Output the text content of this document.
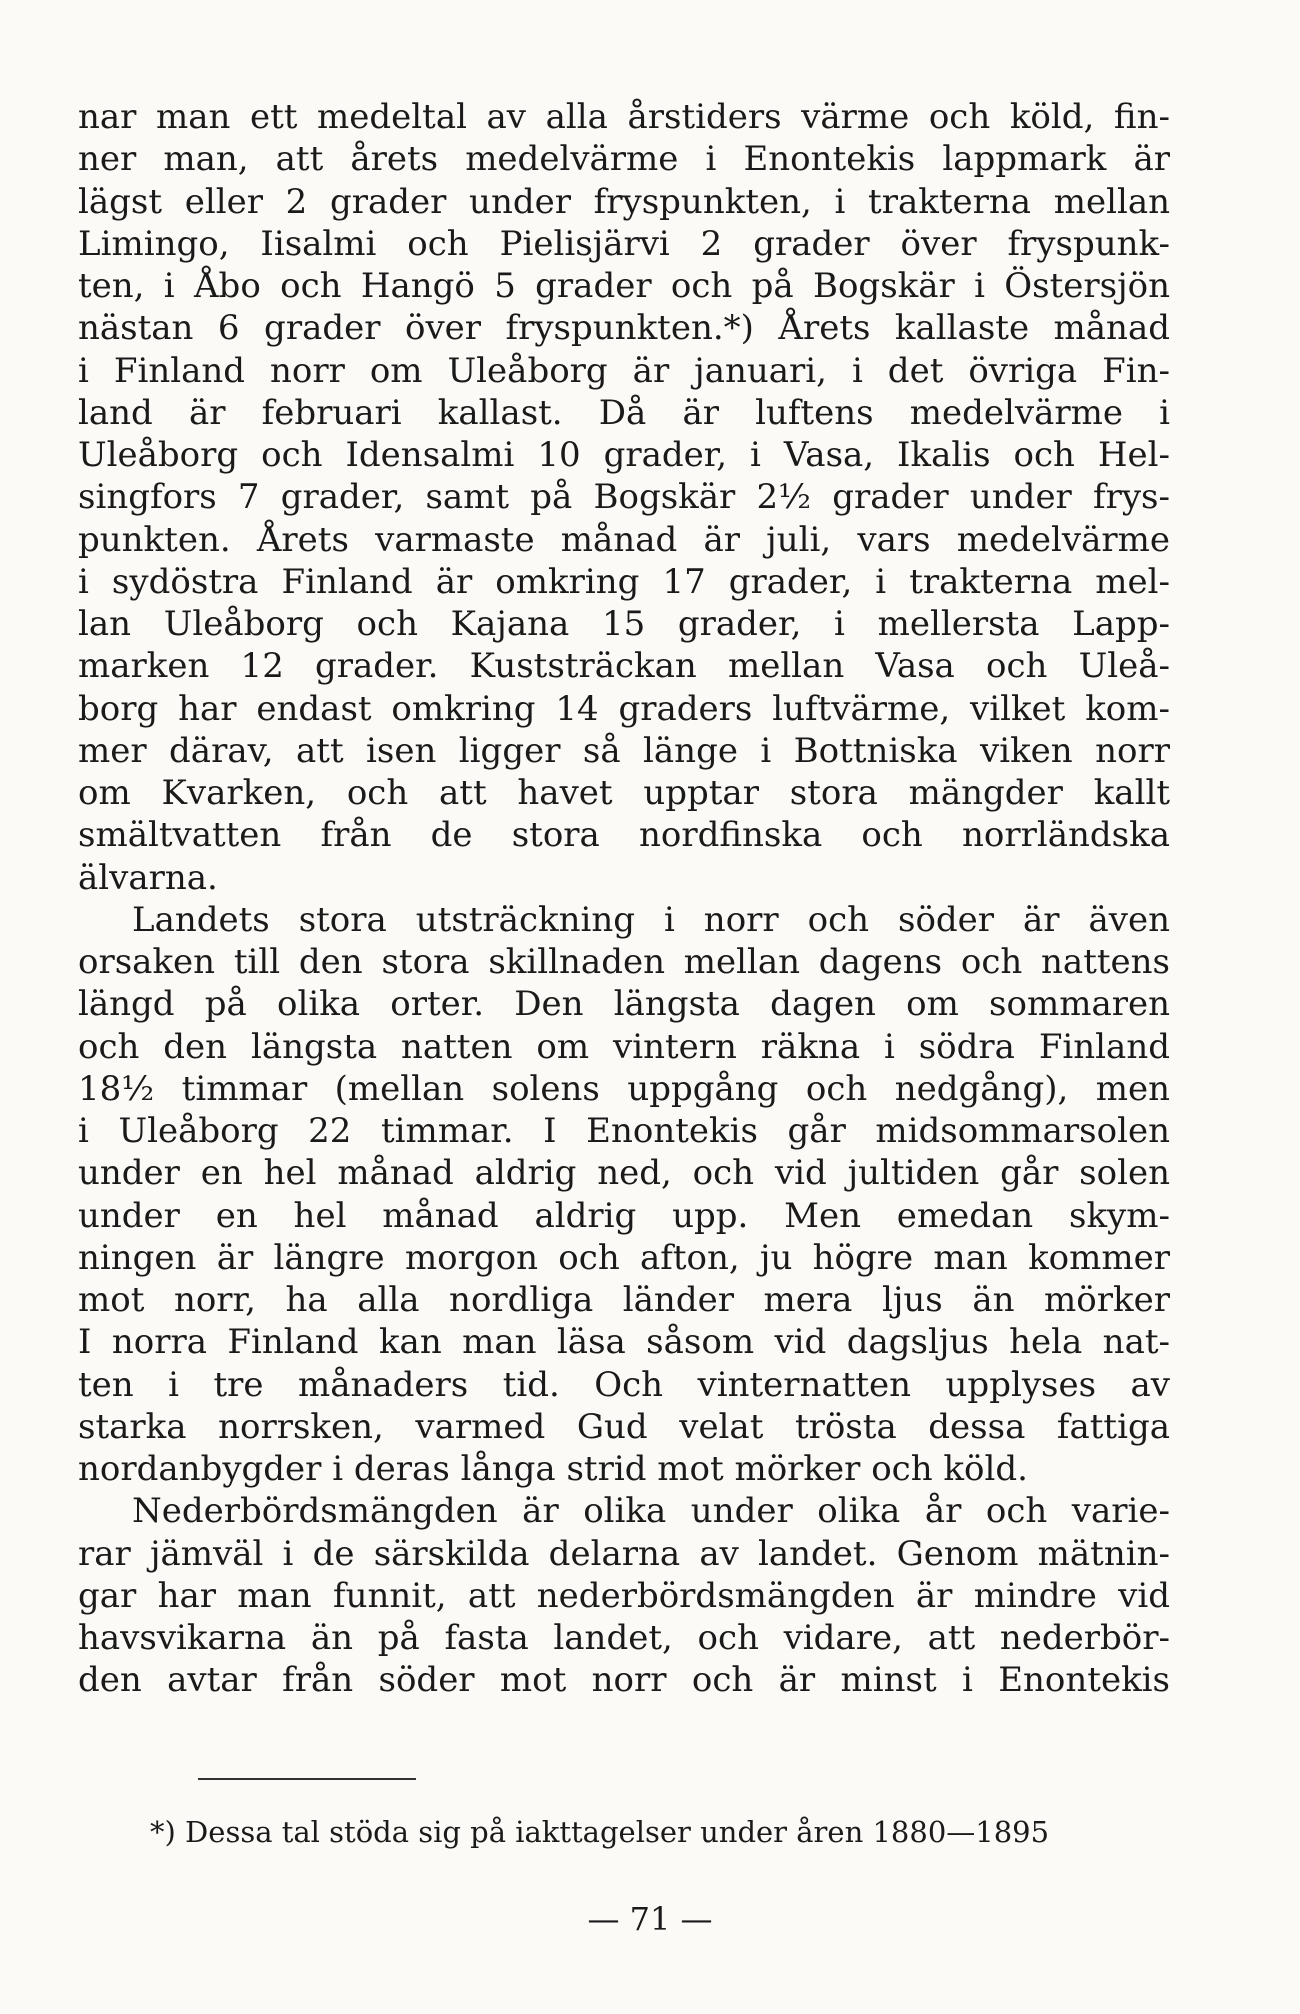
nar man ett medeltal av alla årstiders värme och köld, fin-
ner man, att årets medelvärme i Enontekis lappmark är
lägst eller 2 grader under fryspunkten, i trakterna mellan
Limingo, Iisalmi och Pielisjärvi 2 grader över fryspunk-
ten, i Åbo och Hangö 5 grader och på Bogskär i Östersjön
nästan 6 grader över fryspunkten.*) Årets kallaste månad
i Finland norr om Uleåborg är januari, i det övriga Fin-
land är februari kallast. Då är luftens medelvärme i
Uleåborg och Idensalmi 10 grader, i Vasa, Ikalis och Hel-
singfors 7 grader, samt på Bogskär 2½ grader under frys-
punkten. Årets varmaste månad är juli, vars medelvärme
i sydöstra Finland är omkring 17 grader, i trakterna mel-
lan Uleåborg och Kajana 15 grader, i mellersta Lapp-
marken 12 grader. Kuststräckan mellan Vasa och Uleå-
borg har endast omkring 14 graders luftvärme, vilket kom-
mer därav, att isen ligger så länge i Bottniska viken norr
om Kvarken, och att havet upptar stora mängder kallt
smältvatten från de stora nordfinska och norrländska
älvarna.
Landets stora utsträckning i norr och söder är även
orsaken till den stora skillnaden mellan dagens och nattens
längd på olika orter. Den längsta dagen om sommaren
och den längsta natten om vintern räkna i södra Finland
18½ timmar (mellan solens uppgång och nedgång), men
i Uleåborg 22 timmar. I Enontekis går midsommarsolen
under en hel månad aldrig ned, och vid jultiden går solen
under en hel månad aldrig upp. Men emedan skym-
ningen är längre morgon och afton, ju högre man kommer
mot norr, ha alla nordliga länder mera ljus än mörker
I norra Finland kan man läsa såsom vid dagsljus hela nat-
ten i tre månaders tid. Och vinternatten upplyses av
starka norrsken, varmed Gud velat trösta dessa fattiga
nordanbygder i deras långa strid mot mörker och köld.
Nederbördsmängden är olika under olika år och varie-
rar jämväl i de särskilda delarna av landet. Genom mätnin-
gar har man funnit, att nederbördsmängden är mindre vid
havsvikarna än på fasta landet, och vidare, att nederbör-
den avtar från söder mot norr och är minst i Enontekis
*) Dessa tal stöda sig på iakttagelser under åren 1880—1895
— 71 —
